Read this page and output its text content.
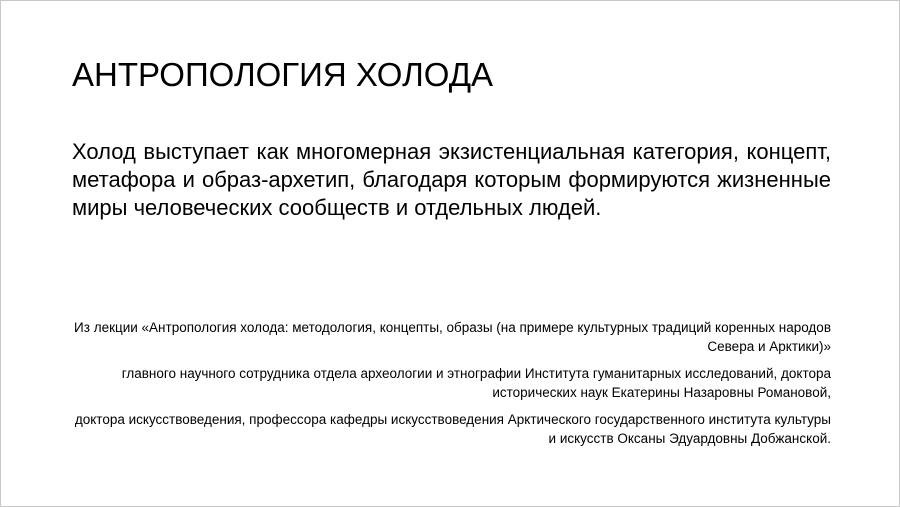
АНТРОПОЛОГИЯ ХОЛОДА

Холод выступает как многомерная экзистенциальная категория, концепт, метафора и образ-архетип, благодаря которым формируются жизненные миры человеческих сообществ и отдельных людей.

Из лекции «Антропология холода: методология, концепты, образы (на примере культурных традиций коренных народов Севера и Арктики)»

главного научного сотрудника отдела археологии и этнографии Института гуманитарных исследований, доктора исторических наук Екатерины Назаровны Романовой,

доктора искусствоведения, профессора кафедры искусствоведения Арктического государственного института культуры и искусств Оксаны Эдуардовны Добжанской.
